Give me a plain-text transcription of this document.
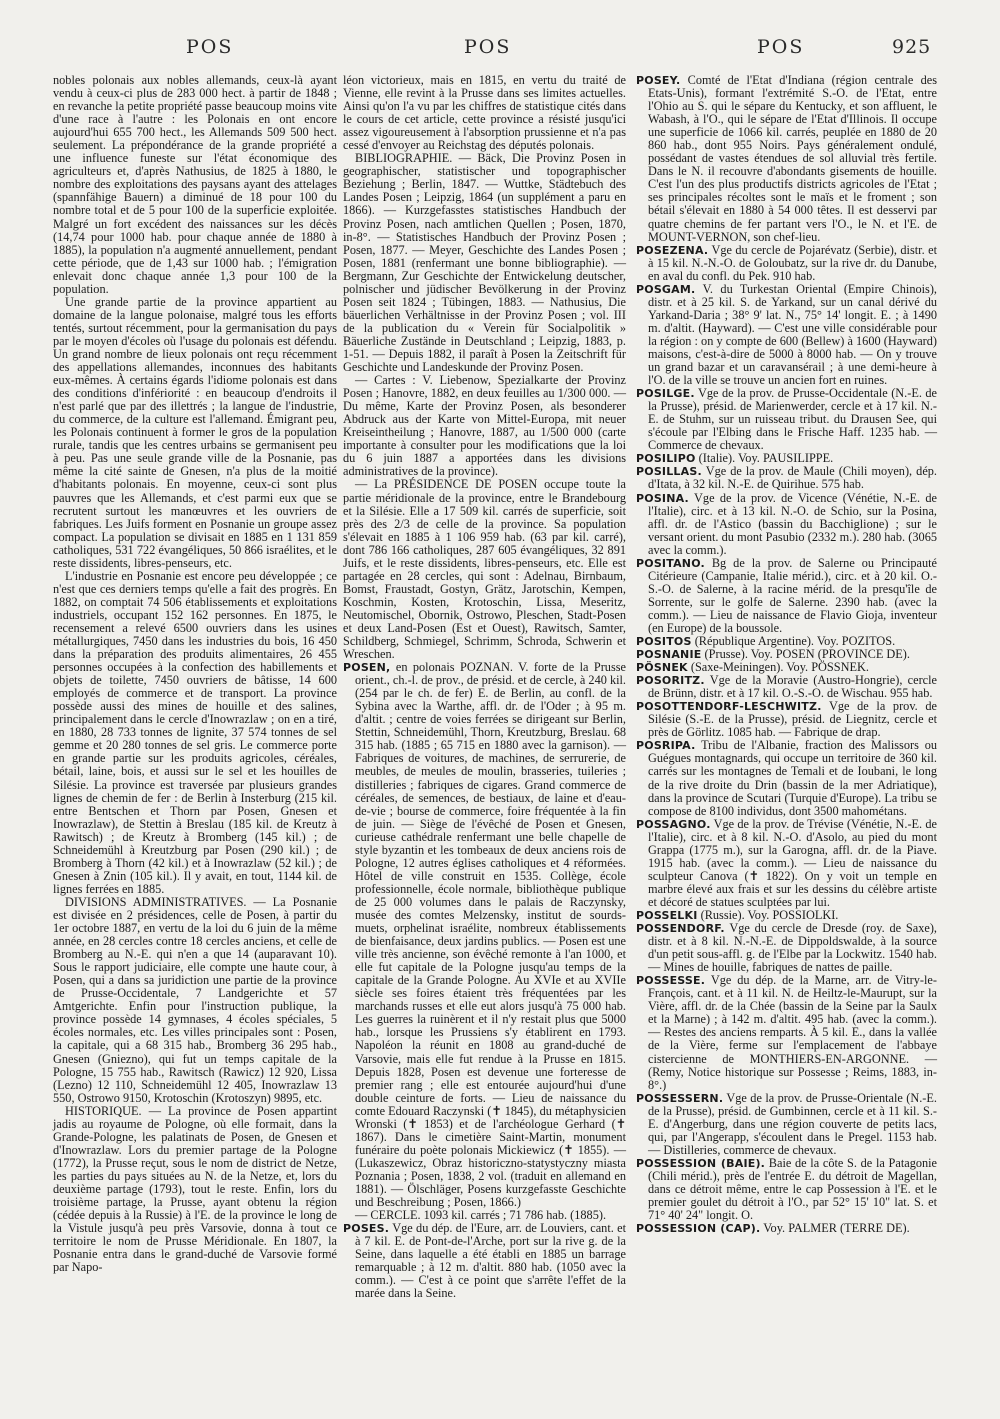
POS	POS	POS	925

nobles polonais aux nobles allemands, ceux-là ayant vendu à ceux-ci plus de 283 000 hect. à partir de 1848 ; en revanche la petite propriété passe beaucoup moins vite d'une race à l'autre : les Polonais en ont encore aujourd'hui 655 700 hect., les Allemands 509 500 hect. seulement. La prépondérance de la grande propriété a une influence funeste sur l'état économique des agriculteurs et, d'après Nathusius, de 1825 à 1880, le nombre des exploitations des paysans ayant des attelages (spannfähige Bauern) a diminué de 18 pour 100 du nombre total et de 5 pour 100 de la superficie exploitée. Malgré un fort excédent des naissances sur les décès (14,74 pour 1000 hab. pour chaque année de 1880 à 1885), la population n'a augmenté annuellement, pendant cette période, que de 1,43 sur 1000 hab. ; l'émigration enlevait donc chaque année 1,3 pour 100 de la population.

Une grande partie de la province appartient au domaine de la langue polonaise, malgré tous les efforts tentés, surtout récemment, pour la germanisation du pays par le moyen d'écoles où l'usage du polonais est défendu. Un grand nombre de lieux polonais ont reçu récemment des appellations allemandes, inconnues des habitants eux-mêmes. À certains égards l'idiome polonais est dans des conditions d'infériorité : en beaucoup d'endroits il n'est parlé que par des illettrés ; la langue de l'industrie, du commerce, de la culture est l'allemand. Émigrant peu, les Polonais continuent à former le gros de la population rurale, tandis que les centres urbains se germanisent peu à peu. Pas une seule grande ville de la Posnanie, pas même la cité sainte de Gnesen, n'a plus de la moitié d'habitants polonais. En moyenne, ceux-ci sont plus pauvres que les Allemands, et c'est parmi eux que se recrutent surtout les manœuvres et les ouvriers de fabriques. Les Juifs forment en Posnanie un groupe assez compact. La population se divisait en 1885 en 1 131 859 catholiques, 531 722 évangéliques, 50 866 israélites, et le reste dissidents, libres-penseurs, etc.

L'industrie en Posnanie est encore peu développée ; ce n'est que ces derniers temps qu'elle a fait des progrès. En 1882, on comptait 74 506 établissements et exploitations industriels, occupant 152 162 personnes. En 1875, le recensement a relevé 6500 ouvriers dans les usines métallurgiques, 7450 dans les industries du bois, 16 450 dans la préparation des produits alimentaires, 26 455 personnes occupées à la confection des habillements et objets de toilette, 7450 ouvriers de bâtisse, 14 600 employés de commerce et de transport. La province possède aussi des mines de houille et des salines, principalement dans le cercle d'Inowrazlaw ; on en a tiré, en 1880, 28 733 tonnes de lignite, 37 574 tonnes de sel gemme et 20 280 tonnes de sel gris. Le commerce porte en grande partie sur les produits agricoles, céréales, bétail, laine, bois, et aussi sur le sel et les houilles de Silésie. La province est traversée par plusieurs grandes lignes de chemin de fer : de Berlin à Insterburg (215 kil. entre Bentschen et Thorn par Posen, Gnesen et Inowrazlaw), de Stettin à Breslau (185 kil. de Kreutz à Rawitsch) ; de Kreutz à Bromberg (145 kil.) ; de Schneidemühl à Kreutzburg par Posen (290 kil.) ; de Bromberg à Thorn (42 kil.) et à Inowrazlaw (52 kil.) ; de Gnesen à Znin (105 kil.). Il y avait, en tout, 1144 kil. de lignes ferrées en 1885.

DIVISIONS ADMINISTRATIVES. — La Posnanie est divisée en 2 présidences, celle de Posen, à partir du 1er octobre 1887, en vertu de la loi du 6 juin de la même année, en 28 cercles contre 18 cercles anciens, et celle de Bromberg au N.-E. qui n'en a que 14 (auparavant 10). Sous le rapport judiciaire, elle compte une haute cour, à Posen, qui a dans sa juridiction une partie de la province de Prusse-Occidentale, 7 Landgerichte et 57 Amtgerichte. Enfin pour l'instruction publique, la province possède 14 gymnases, 4 écoles spéciales, 5 écoles normales, etc. Les villes principales sont : Posen, la capitale, qui a 68 315 hab., Bromberg 36 295 hab., Gnesen (Gniezno), qui fut un temps capitale de la Pologne, 15 755 hab., Rawitsch (Rawicz) 12 920, Lissa (Lezno) 12 110, Schneidemühl 12 405, Inowrazlaw 13 550, Ostrowo 9150, Krotoschin (Krotoszyn) 9895, etc.

HISTORIQUE. — La province de Posen appartint jadis au royaume de Pologne, où elle formait, dans la Grande-Pologne, les palatinats de Posen, de Gnesen et d'Inowrazlaw. Lors du premier partage de la Pologne (1772), la Prusse reçut, sous le nom de district de Netze, les parties du pays situées au N. de la Netze, et, lors du deuxième partage (1793), tout le reste. Enfin, lors du troisième partage, la Prusse, ayant obtenu la région (cédée depuis à la Russie) à l'E. de la province le long de la Vistule jusqu'à peu près Varsovie, donna à tout ce territoire le nom de Prusse Méridionale. En 1807, la Posnanie entra dans le grand-duché de Varsovie formé par Napo-

léon victorieux, mais en 1815, en vertu du traité de Vienne, elle revint à la Prusse dans ses limites actuelles. Ainsi qu'on l'a vu par les chiffres de statistique cités dans le cours de cet article, cette province a résisté jusqu'ici assez vigoureusement à l'absorption prussienne et n'a pas cessé d'envoyer au Reichstag des députés polonais.

BIBLIOGRAPHIE. — Bäck, Die Provinz Posen in geographischer, statistischer und topographischer Beziehung ; Berlin, 1847. — Wuttke, Städtebuch des Landes Posen ; Leipzig, 1864 (un supplément a paru en 1866). — Kurzgefasstes statistisches Handbuch der Provinz Posen, nach amtlichen Quellen ; Posen, 1870, in-8°. — Statistisches Handbuch der Provinz Posen ; Posen, 1877. — Meyer, Geschichte des Landes Posen ; Posen, 1881 (renfermant une bonne bibliographie). — Bergmann, Zur Geschichte der Entwickelung deutscher, polnischer und jüdischer Bevölkerung in der Provinz Posen seit 1824 ; Tübingen, 1883. — Nathusius, Die bäuerlichen Verhältnisse in der Provinz Posen ; vol. III de la publication du « Verein für Socialpolitik » Bäuerliche Zustände in Deutschland ; Leipzig, 1883, p. 1-51. — Depuis 1882, il paraît à Posen la Zeitschrift für Geschichte und Landeskunde der Provinz Posen.

— Cartes : V. Liebenow, Spezialkarte der Provinz Posen ; Hanovre, 1882, en deux feuilles au 1/300 000. — Du même, Karte der Provinz Posen, als besonderer Abdruck aus der Karte von Mittel-Europa, mit neuer Kreiseintheilung ; Hanovre, 1887, au 1/500 000 (carte importante à consulter pour les modifications que la loi du 6 juin 1887 a apportées dans les divisions administratives de la province).

— La PRÉSIDENCE DE POSEN occupe toute la partie méridionale de la province, entre le Brandebourg et la Silésie. Elle a 17 509 kil. carrés de superficie, soit près des 2/3 de celle de la province. Sa population s'élevait en 1885 à 1 106 959 hab. (63 par kil. carré), dont 786 166 catholiques, 287 605 évangéliques, 32 891 Juifs, et le reste dissidents, libres-penseurs, etc. Elle est partagée en 28 cercles, qui sont : Adelnau, Birnbaum, Bomst, Fraustadt, Gostyn, Grätz, Jarotschin, Kempen, Koschmin, Kosten, Krotoschin, Lissa, Meseritz, Neutomischel, Obornik, Ostrowo, Pleschen, Stadt-Posen et deux Land-Posen (Est et Ouest), Rawitsch, Samter, Schildberg, Schmiegel, Schrimm, Schroda, Schwerin et Wreschen.

POSEN, en polonais POZNAN. V. forte de la Prusse orient., ch.-l. de prov., de présid. et de cercle, à 240 kil. (254 par le ch. de fer) E. de Berlin, au confl. de la Sybina avec la Warthe, affl. dr. de l'Oder ; à 95 m. d'altit. ; centre de voies ferrées se dirigeant sur Berlin, Stettin, Schneidemühl, Thorn, Kreutzburg, Breslau. 68 315 hab. (1885 ; 65 715 en 1880 avec la garnison). — Fabriques de voitures, de machines, de serrurerie, de meubles, de meules de moulin, brasseries, tuileries ; distilleries ; fabriques de cigares. Grand commerce de céréales, de semences, de bestiaux, de laine et d'eau-de-vie ; bourse de commerce, foire fréquentée à la fin de juin. — Siège de l'évêché de Posen et Gnesen, curieuse cathédrale renfermant une belle chapelle de style byzantin et les tombeaux de deux anciens rois de Pologne, 12 autres églises catholiques et 4 réformées. Hôtel de ville construit en 1535. Collège, école professionnelle, école normale, bibliothèque publique de 25 000 volumes dans le palais de Raczynsky, musée des comtes Melzensky, institut de sourds-muets, orphelinat israélite, nombreux établissements de bienfaisance, deux jardins publics. — Posen est une ville très ancienne, son évêché remonte à l'an 1000, et elle fut capitale de la Pologne jusqu'au temps de la capitale de la Grande Pologne. Au XVIe et au XVIIe siècle ses foires étaient très fréquentées par les marchands russes et elle eut alors jusqu'à 75 000 hab. Les guerres la ruinèrent et il n'y restait plus que 5000 hab., lorsque les Prussiens s'y établirent en 1793. Napoléon la réunit en 1808 au grand-duché de Varsovie, mais elle fut rendue à la Prusse en 1815. Depuis 1828, Posen est devenue une forteresse de premier rang ; elle est entourée aujourd'hui d'une double ceinture de forts. — Lieu de naissance du comte Edouard Raczynski (✝ 1845), du métaphysicien Wronski (✝ 1853) et de l'archéologue Gerhard (✝ 1867). Dans le cimetière Saint-Martin, monument funéraire du poète polonais Mickiewicz (✝ 1855). — (Lukaszewicz, Obraz historiczno-statystyczny miasta Poznania ; Posen, 1838, 2 vol. (traduit en allemand en 1881). — Ölschläger, Posens kurzgefasste Geschichte und Beschreibung ; Posen, 1866.)

— CERCLE. 1093 kil. carrés ; 71 786 hab. (1885).

POSES. Vge du dép. de l'Eure, arr. de Louviers, cant. et à 7 kil. E. de Pont-de-l'Arche, port sur la rive g. de la Seine, dans laquelle a été établi en 1885 un barrage remarquable ; à 12 m. d'altit. 880 hab. (1050 avec la comm.). — C'est à ce point que s'arrête l'effet de la marée dans la Seine.

POSEY. Comté de l'Etat d'Indiana (région centrale des Etats-Unis), formant l'extrémité S.-O. de l'Etat, entre l'Ohio au S. qui le sépare du Kentucky, et son affluent, le Wabash, à l'O., qui le sépare de l'Etat d'Illinois. Il occupe une superficie de 1066 kil. carrés, peuplée en 1880 de 20 860 hab., dont 955 Noirs. Pays généralement ondulé, possédant de vastes étendues de sol alluvial très fertile. Dans le N. il recouvre d'abondants gisements de houille. C'est l'un des plus productifs districts agricoles de l'Etat ; ses principales récoltes sont le maïs et le froment ; son bétail s'élevait en 1880 à 54 000 têtes. Il est desservi par quatre chemins de fer partant vers l'O., le N. et l'E. de MOUNT-VERNON, son chef-lieu.

POSEZENA. Vge du cercle de Pojarévatz (Serbie), distr. et à 15 kil. N.-N.-O. de Goloubatz, sur la rive dr. du Danube, en aval du confl. du Pek. 910 hab.

POSGAM. V. du Turkestan Oriental (Empire Chinois), distr. et à 25 kil. S. de Yarkand, sur un canal dérivé du Yarkand-Daria ; 38° 9' lat. N., 75° 14' longit. E. ; à 1490 m. d'altit. (Hayward). — C'est une ville considérable pour la région : on y compte de 600 (Bellew) à 1600 (Hayward) maisons, c'est-à-dire de 5000 à 8000 hab. — On y trouve un grand bazar et un caravansérail ; à une demi-heure à l'O. de la ville se trouve un ancien fort en ruines.

POSILGE. Vge de la prov. de Prusse-Occidentale (N.-E. de la Prusse), présid. de Marienwerder, cercle et à 17 kil. N.-E. de Stuhm, sur un ruisseau tribut. du Drausen See, qui s'écoule par l'Elbing dans le Frische Haff. 1235 hab. — Commerce de chevaux.

POSILIPO (Italie). Voy. PAUSILIPPE.

POSILLAS. Vge de la prov. de Maule (Chili moyen), dép. d'Itata, à 32 kil. N.-E. de Quirihue. 575 hab.

POSINA. Vge de la prov. de Vicence (Vénétie, N.-E. de l'Italie), circ. et à 13 kil. N.-O. de Schio, sur la Posina, affl. dr. de l'Astico (bassin du Bacchiglione) ; sur le versant orient. du mont Pasubio (2332 m.). 280 hab. (3065 avec la comm.).

POSITANO. Bg de la prov. de Salerne ou Principauté Citérieure (Campanie, Italie mérid.), circ. et à 20 kil. O.-S.-O. de Salerne, à la racine mérid. de la presqu'île de Sorrente, sur le golfe de Salerne. 2390 hab. (avec la comm.). — Lieu de naissance de Flavio Gioja, inventeur (en Europe) de la boussole.

POSITOS (République Argentine). Voy. POZITOS.

POSNANIE (Prusse). Voy. POSEN (PROVINCE DE).

PÖSNEK (Saxe-Meiningen). Voy. PÖSSNEK.

POSORITZ. Vge de la Moravie (Austro-Hongrie), cercle de Brünn, distr. et à 17 kil. O.-S.-O. de Wischau. 955 hab.

POSOTTENDORF-LESCHWITZ. Vge de la prov. de Silésie (S.-E. de la Prusse), présid. de Liegnitz, cercle et près de Görlitz. 1085 hab. — Fabrique de drap.

POSRIPA. Tribu de l'Albanie, fraction des Malissors ou Guégues montagnards, qui occupe un territoire de 360 kil. carrés sur les montagnes de Temali et de Ioubani, le long de la rive droite du Drin (bassin de la mer Adriatique), dans la province de Scutari (Turquie d'Europe). La tribu se compose de 8100 individus, dont 3500 mahométans.

POSSAGNO. Vge de la prov. de Trévise (Vénétie, N.-E. de l'Italie), circ. et à 8 kil. N.-O. d'Asolo, au pied du mont Grappa (1775 m.), sur la Garogna, affl. dr. de la Piave. 1915 hab. (avec la comm.). — Lieu de naissance du sculpteur Canova (✝ 1822). On y voit un temple en marbre élevé aux frais et sur les dessins du célèbre artiste et décoré de statues sculptées par lui.

POSSELKI (Russie). Voy. POSSIOLKI.

POSSENDORF. Vge du cercle de Dresde (roy. de Saxe), distr. et à 8 kil. N.-N.-E. de Dippoldswalde, à la source d'un petit sous-affl. g. de l'Elbe par la Lockwitz. 1540 hab. — Mines de houille, fabriques de nattes de paille.

POSSESSE. Vge du dép. de la Marne, arr. de Vitry-le-François, cant. et à 11 kil. N. de Heiltz-le-Maurupt, sur la Vière, affl. dr. de la Chée (bassin de la Seine par la Saulx et la Marne) ; à 142 m. d'altit. 495 hab. (avec la comm.). — Restes des anciens remparts. À 5 kil. E., dans la vallée de la Vière, ferme sur l'emplacement de l'abbaye cistercienne de MONTHIERS-EN-ARGONNE. — (Remy, Notice historique sur Possesse ; Reims, 1883, in-8°.)

POSSESSERN. Vge de la prov. de Prusse-Orientale (N.-E. de la Prusse), présid. de Gumbinnen, cercle et à 11 kil. S.-E. d'Angerburg, dans une région couverte de petits lacs, qui, par l'Angerapp, s'écoulent dans le Pregel. 1153 hab. — Distilleries, commerce de chevaux.

POSSESSION (BAIE). Baie de la côte S. de la Patagonie (Chili mérid.), près de l'entrée E. du détroit de Magellan, dans ce détroit même, entre le cap Possession à l'E. et le premier goulet du détroit à l'O., par 52° 15' 10" lat. S. et 71° 40' 24" longit. O.

POSSESSION (CAP). Voy. PALMER (TERRE DE).
